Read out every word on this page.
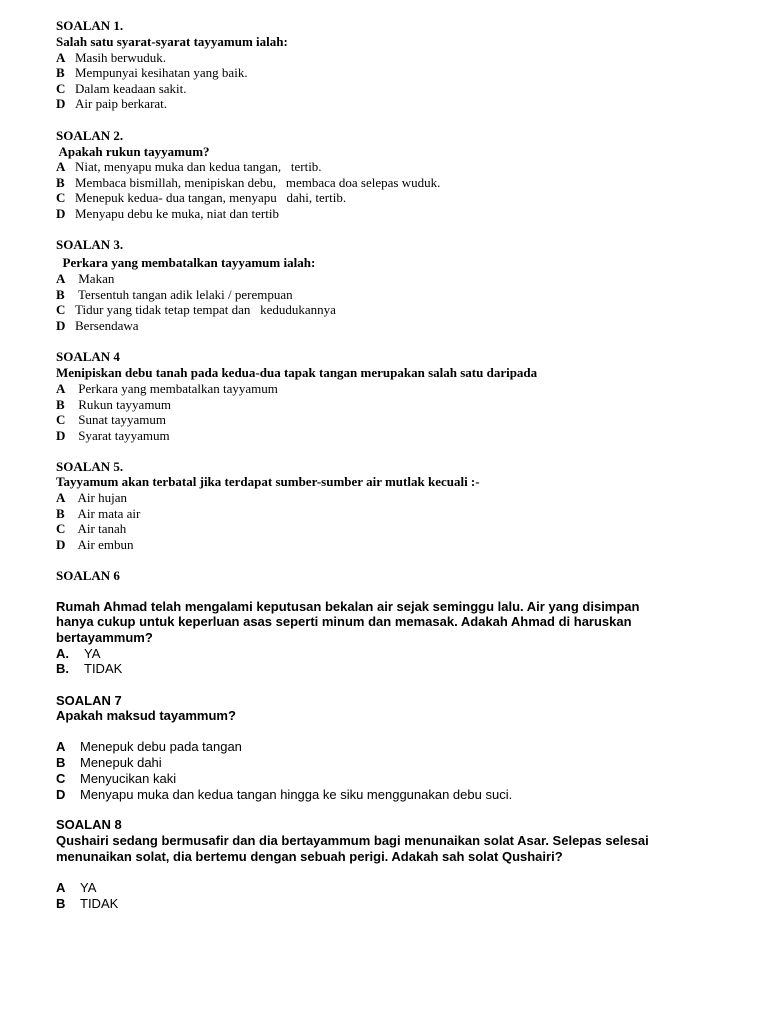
SOALAN 1.
Salah satu syarat-syarat tayyamum ialah:
A Masih berwuduk.
B Mempunyai kesihatan yang baik.
C Dalam keadaan sakit.
D Air paip berkarat.
SOALAN 2.
Apakah rukun tayyamum?
A Niat, menyapu muka dan kedua tangan,   tertib.
B Membaca bismillah, menipiskan debu,   membaca doa selepas wuduk.
C Menepuk kedua- dua tangan, menyapu   dahi, tertib.
D Menyapu debu ke muka, niat dan tertib
SOALAN 3.
Perkara yang membatalkan tayyamum ialah:
A Makan
B Tersentuh tangan adik lelaki / perempuan
C Tidur yang tidak tetap tempat dan   kedudukannya
D Bersendawa
SOALAN 4
Menipiskan debu tanah pada kedua-dua tapak tangan merupakan salah satu daripada
A Perkara yang membatalkan tayyamum
B Rukun tayyamum
C Sunat tayyamum
D Syarat tayyamum
SOALAN 5.
Tayyamum akan terbatal jika terdapat sumber-sumber air mutlak kecuali :-
A Air hujan
B Air mata air
C Air tanah
D Air embun
SOALAN 6
Rumah Ahmad telah mengalami keputusan bekalan air sejak seminggu lalu. Air yang disimpan
hanya cukup untuk keperluan asas seperti minum dan memasak. Adakah Ahmad di haruskan
bertayammum?
A. YA
B. TIDAK
SOALAN 7
Apakah maksud tayammum?
A Menepuk debu pada tangan
B Menepuk dahi
C Menyucikan kaki
D Menyapu muka dan kedua tangan hingga ke siku menggunakan debu suci.
SOALAN 8
Qushairi sedang bermusafir dan dia bertayammum bagi menunaikan solat Asar. Selepas selesai
menunaikan solat, dia bertemu dengan sebuah perigi. Adakah sah solat Qushairi?
A YA
B TIDAK
